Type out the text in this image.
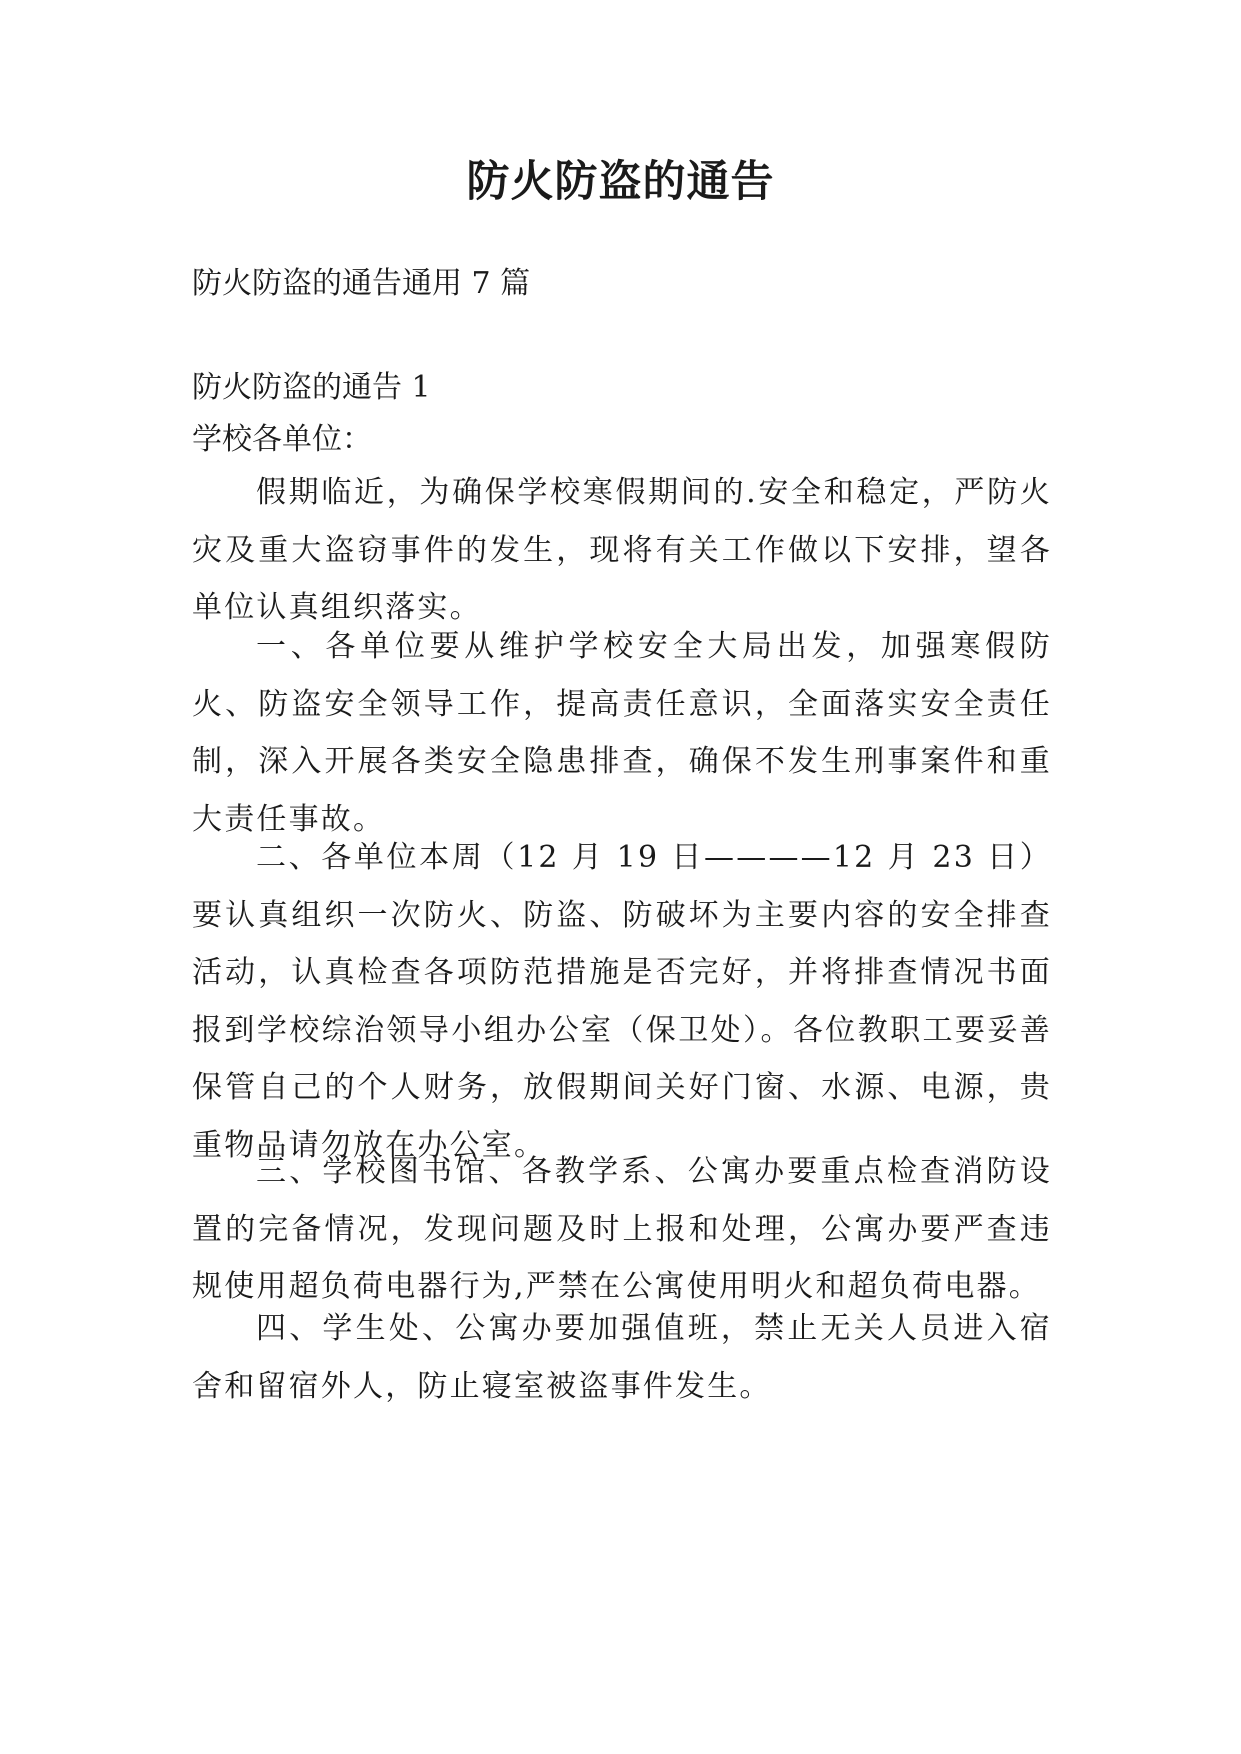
防火防盗的通告

防火防盗的通告通用 7 篇

防火防盗的通告 1

学校各单位：

假期临近，为确保学校寒假期间的.安全和稳定，严防火灾及重大盗窃事件的发生，现将有关工作做以下安排，望各单位认真组织落实。

一、各单位要从维护学校安全大局出发，加强寒假防火、防盗安全领导工作，提高责任意识，全面落实安全责任制，深入开展各类安全隐患排查，确保不发生刑事案件和重大责任事故。

二、各单位本周（12 月 19 日————12 月 23 日）要认真组织一次防火、防盗、防破坏为主要内容的安全排查活动，认真检查各项防范措施是否完好，并将排查情况书面报到学校综治领导小组办公室（保卫处）。各位教职工要妥善保管自己的个人财务，放假期间关好门窗、水源、电源，贵重物品请勿放在办公室。

三、学校图书馆、各教学系、公寓办要重点检查消防设置的完备情况，发现问题及时上报和处理，公寓办要严查违规使用超负荷电器行为,严禁在公寓使用明火和超负荷电器。

四、学生处、公寓办要加强值班，禁止无关人员进入宿舍和留宿外人，防止寝室被盗事件发生。
